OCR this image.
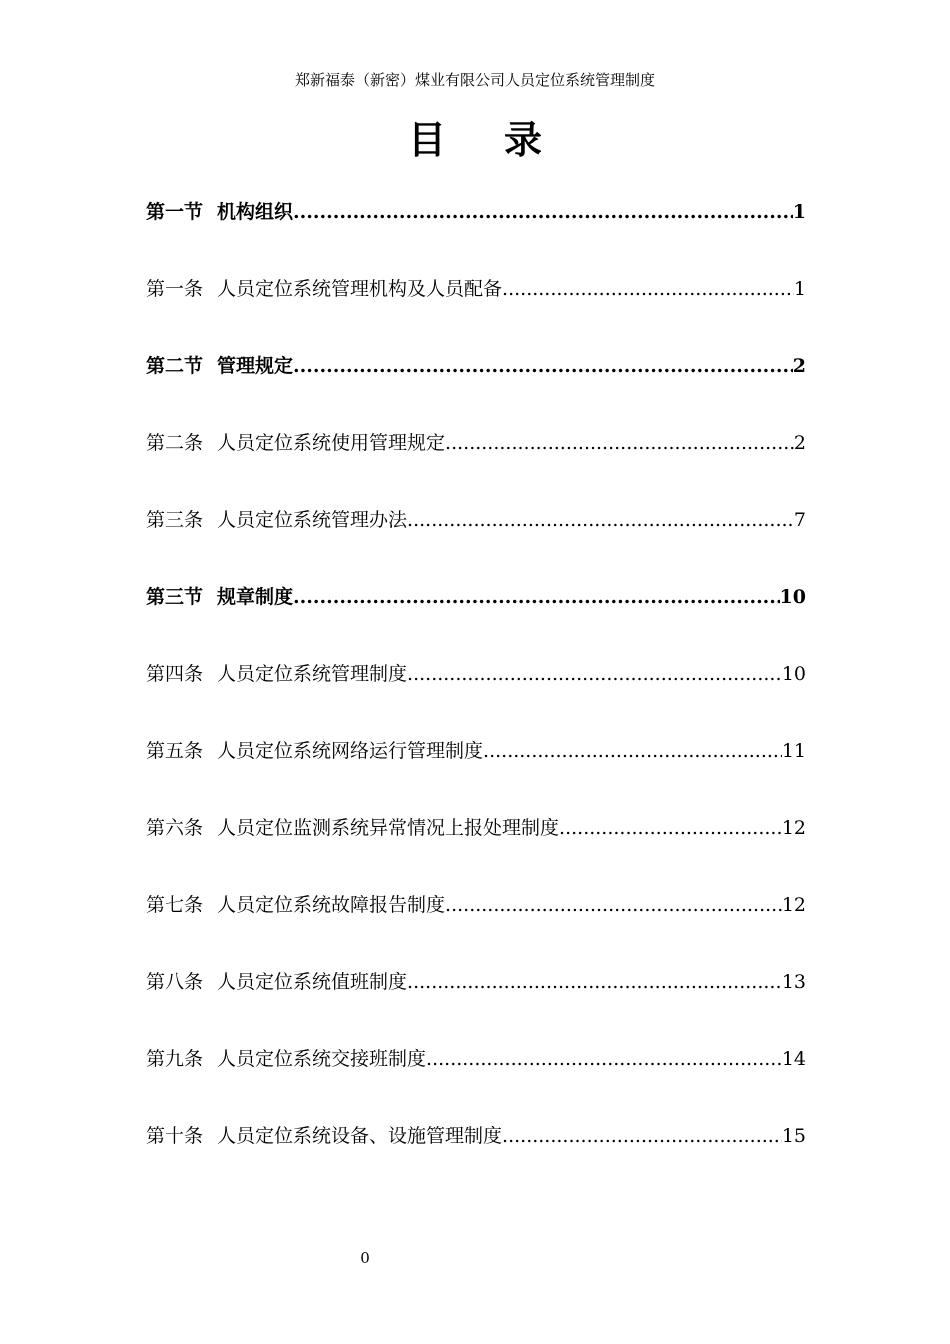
郑新福泰（新密）煤业有限公司人员定位系统管理制度
目录
第一节 机构组织 .....	1
第一条 人员定位系统管理机构及人员配备 .....	1
第二节 管理规定 .....	2
第二条 人员定位系统使用管理规定 .....	2
第三条 人员定位系统管理办法 .....	7
第三节 规章制度 .....	10
第四条 人员定位系统管理制度 .....	10
第五条 人员定位系统网络运行管理制度 .....	11
第六条 人员定位监测系统异常情况上报处理制度 .....	12
第七条 人员定位系统故障报告制度 .....	12
第八条 人员定位系统值班制度 .....	13
第九条 人员定位系统交接班制度 .....	14
第十条 人员定位系统设备、设施管理制度 .....	15
0
